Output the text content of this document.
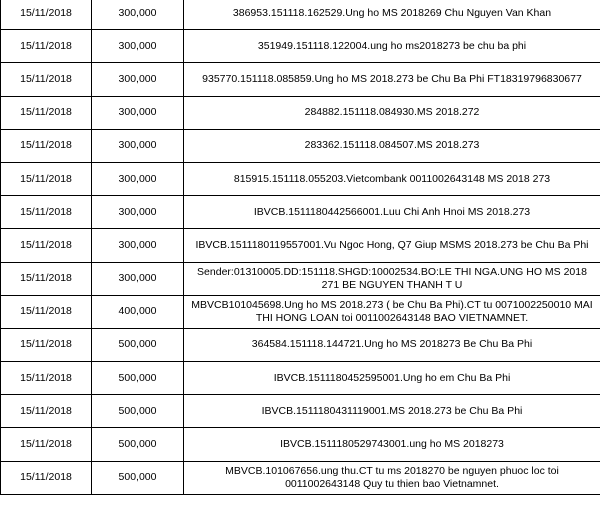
15/11/2018	300,000	386953.151118.162529.Ung ho MS 2018269 Chu Nguyen Van Khan
15/11/2018	300,000	351949.151118.122004.ung ho ms2018273 be chu ba phi
15/11/2018	300,000	935770.151118.085859.Ung ho MS 2018.273 be Chu Ba Phi FT18319796830677
15/11/2018	300,000	284882.151118.084930.MS 2018.272
15/11/2018	300,000	283362.151118.084507.MS 2018.273
15/11/2018	300,000	815915.151118.055203.Vietcombank 0011002643148 MS 2018 273
15/11/2018	300,000	IBVCB.1511180442566001.Luu Chi Anh Hnoi MS 2018.273
15/11/2018	300,000	IBVCB.1511180119557001.Vu Ngoc Hong, Q7 Giup MSMS 2018.273 be Chu Ba Phi
15/11/2018	300,000	Sender:01310005.DD:151118.SHGD:10002534.BO:LE THI NGA.UNG HO MS 2018 271 BE NGUYEN THANH T U
15/11/2018	400,000	MBVCB101045698.Ung ho MS 2018.273 ( be Chu Ba Phi).CT tu 0071002250010 MAI THI HONG LOAN toi 0011002643148 BAO VIETNAMNET.
15/11/2018	500,000	364584.151118.144721.Ung ho MS 2018273 Be Chu Ba Phi
15/11/2018	500,000	IBVCB.1511180452595001.Ung ho em Chu Ba Phi
15/11/2018	500,000	IBVCB.1511180431119001.MS 2018.273 be Chu Ba Phi
15/11/2018	500,000	IBVCB.1511180529743001.ung ho MS 2018273
15/11/2018	500,000	MBVCB.101067656.ung thu.CT tu ms 2018270 be nguyen phuoc loc toi 0011002643148 Quy tu thien bao Vietnamnet.
